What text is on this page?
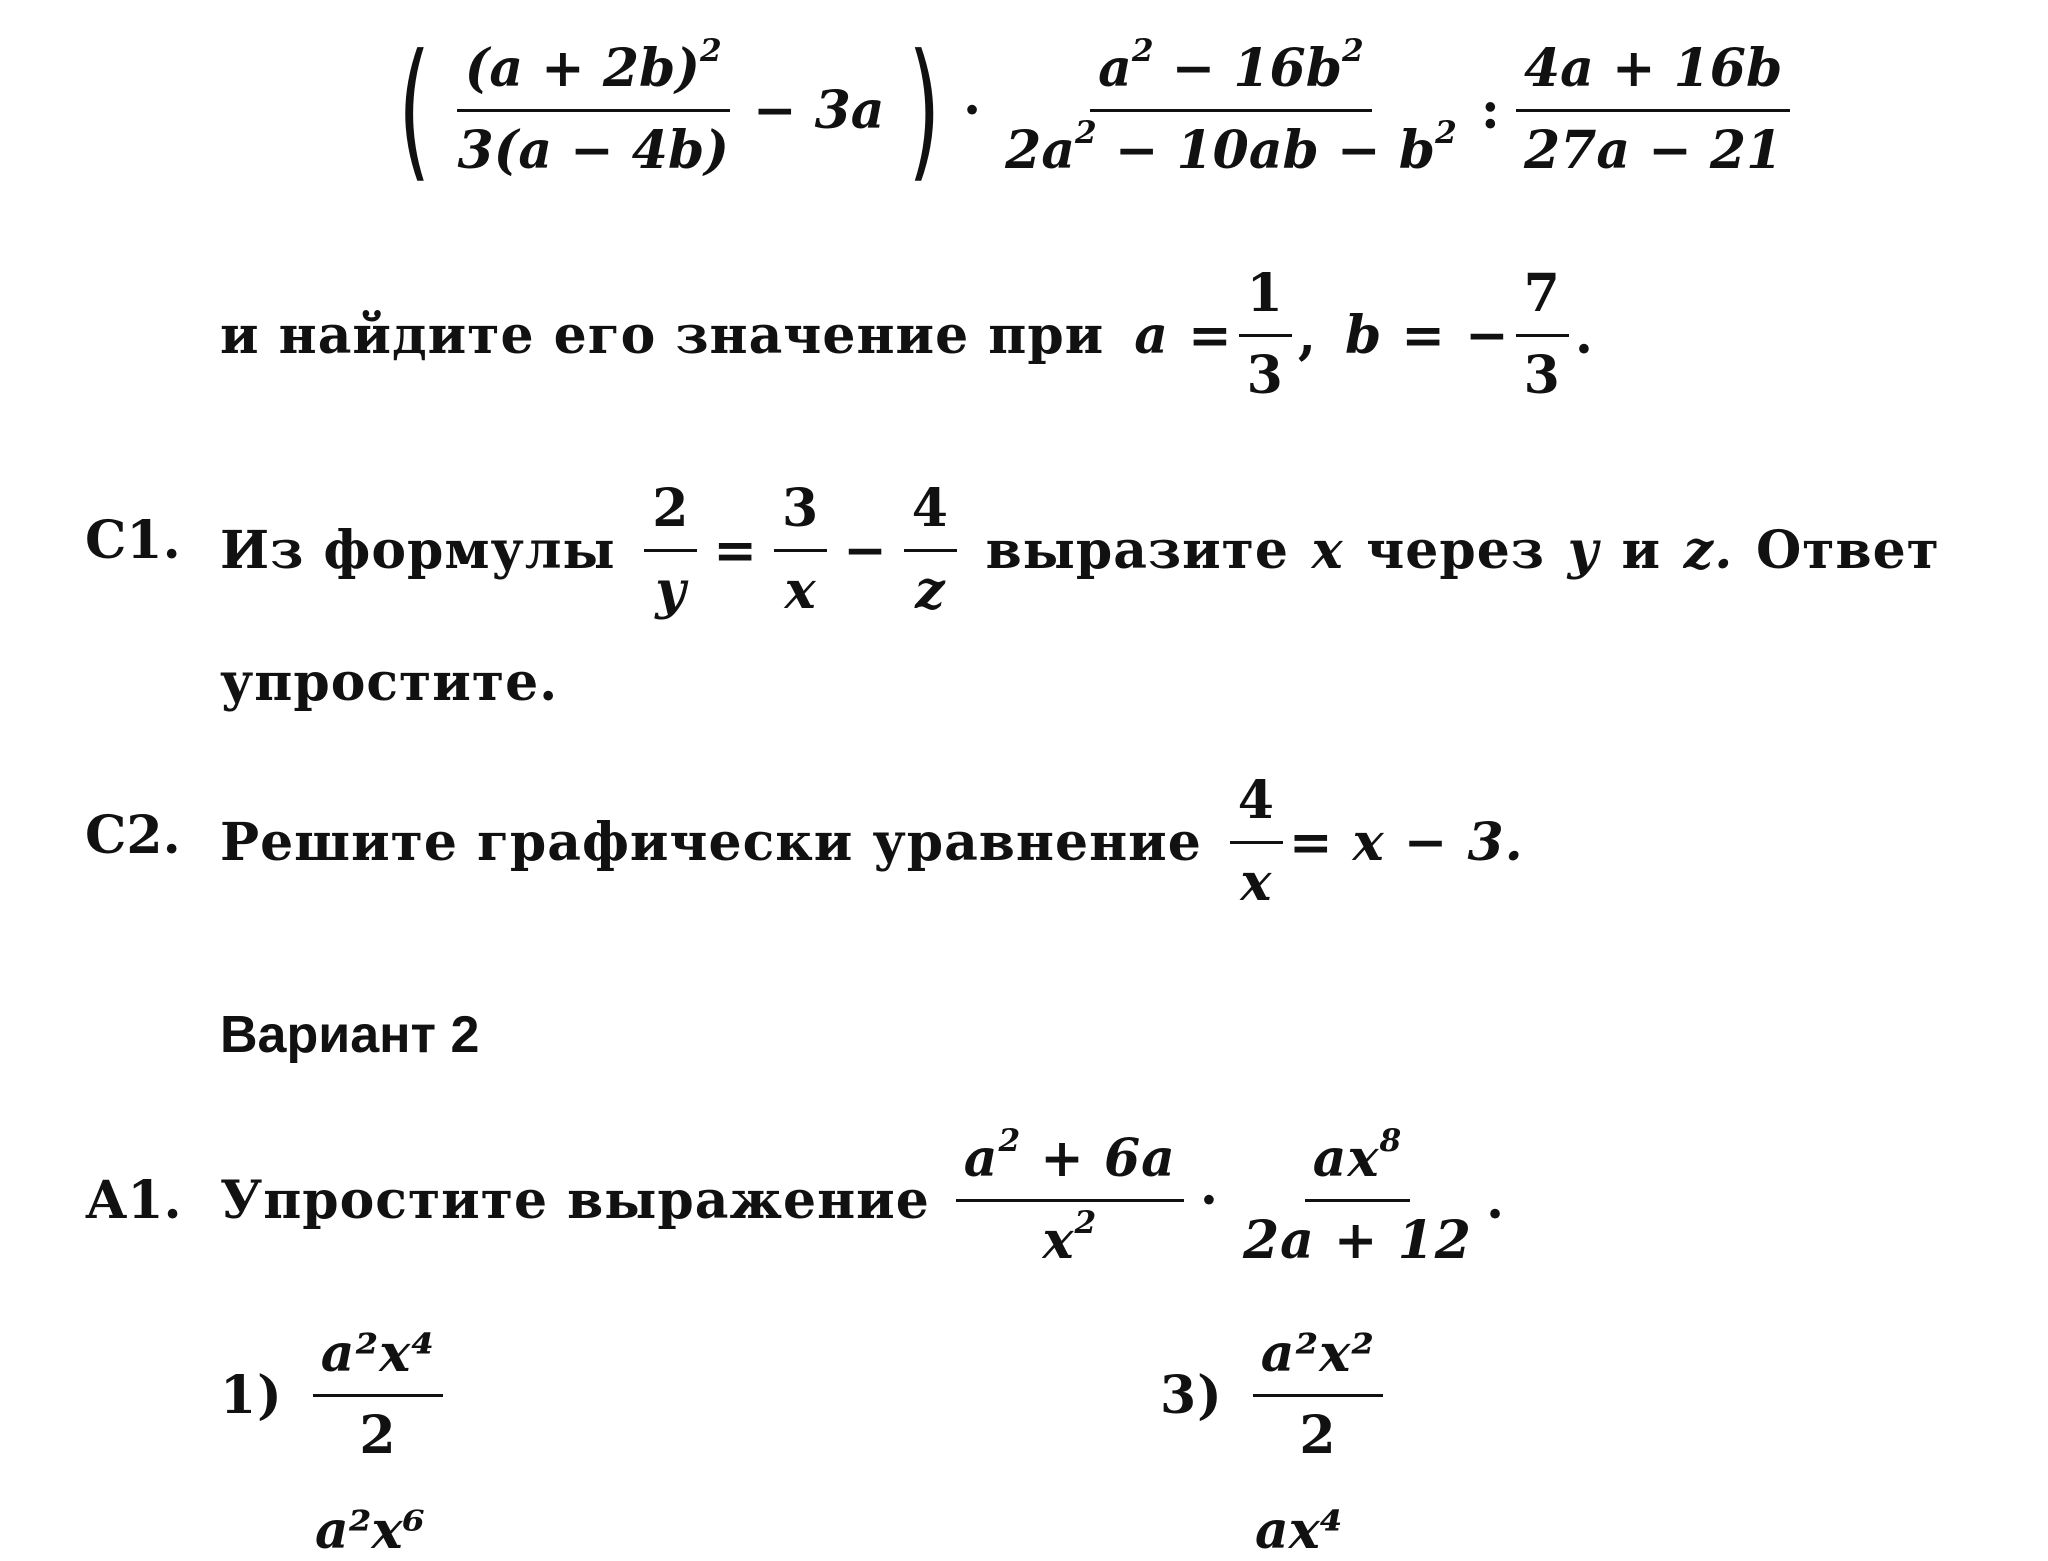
( $\frac{(a + 2b)^2}{3(a - 4b)} - 3a$ ) · $\frac{a^2 - 16b^2}{2a^2 - 10ab - b^2}$ : $\frac{4a + 16b}{27a - 21}$
и найдите его значение при $a = \frac{1}{3}$ , b = − $\frac{7}{3}$ .
С1. Из формулы $\frac{2}{y} = \frac{3}{x} - \frac{4}{z}$ выразите x через y и z. Ответ
упростите.
С2. Решите графически уравнение $\frac{4}{x} = x - 3$.
Вариант 2
А1. Упростите выражение $\frac{a^2 + 6a}{x^2} \cdot \frac{ax^8}{2a + 12}$ .
$1) \frac{\text{a²x⁴}}{2}$	$3) \frac{\text{a²x²}}{2}$
a²x⁶	ax⁴
